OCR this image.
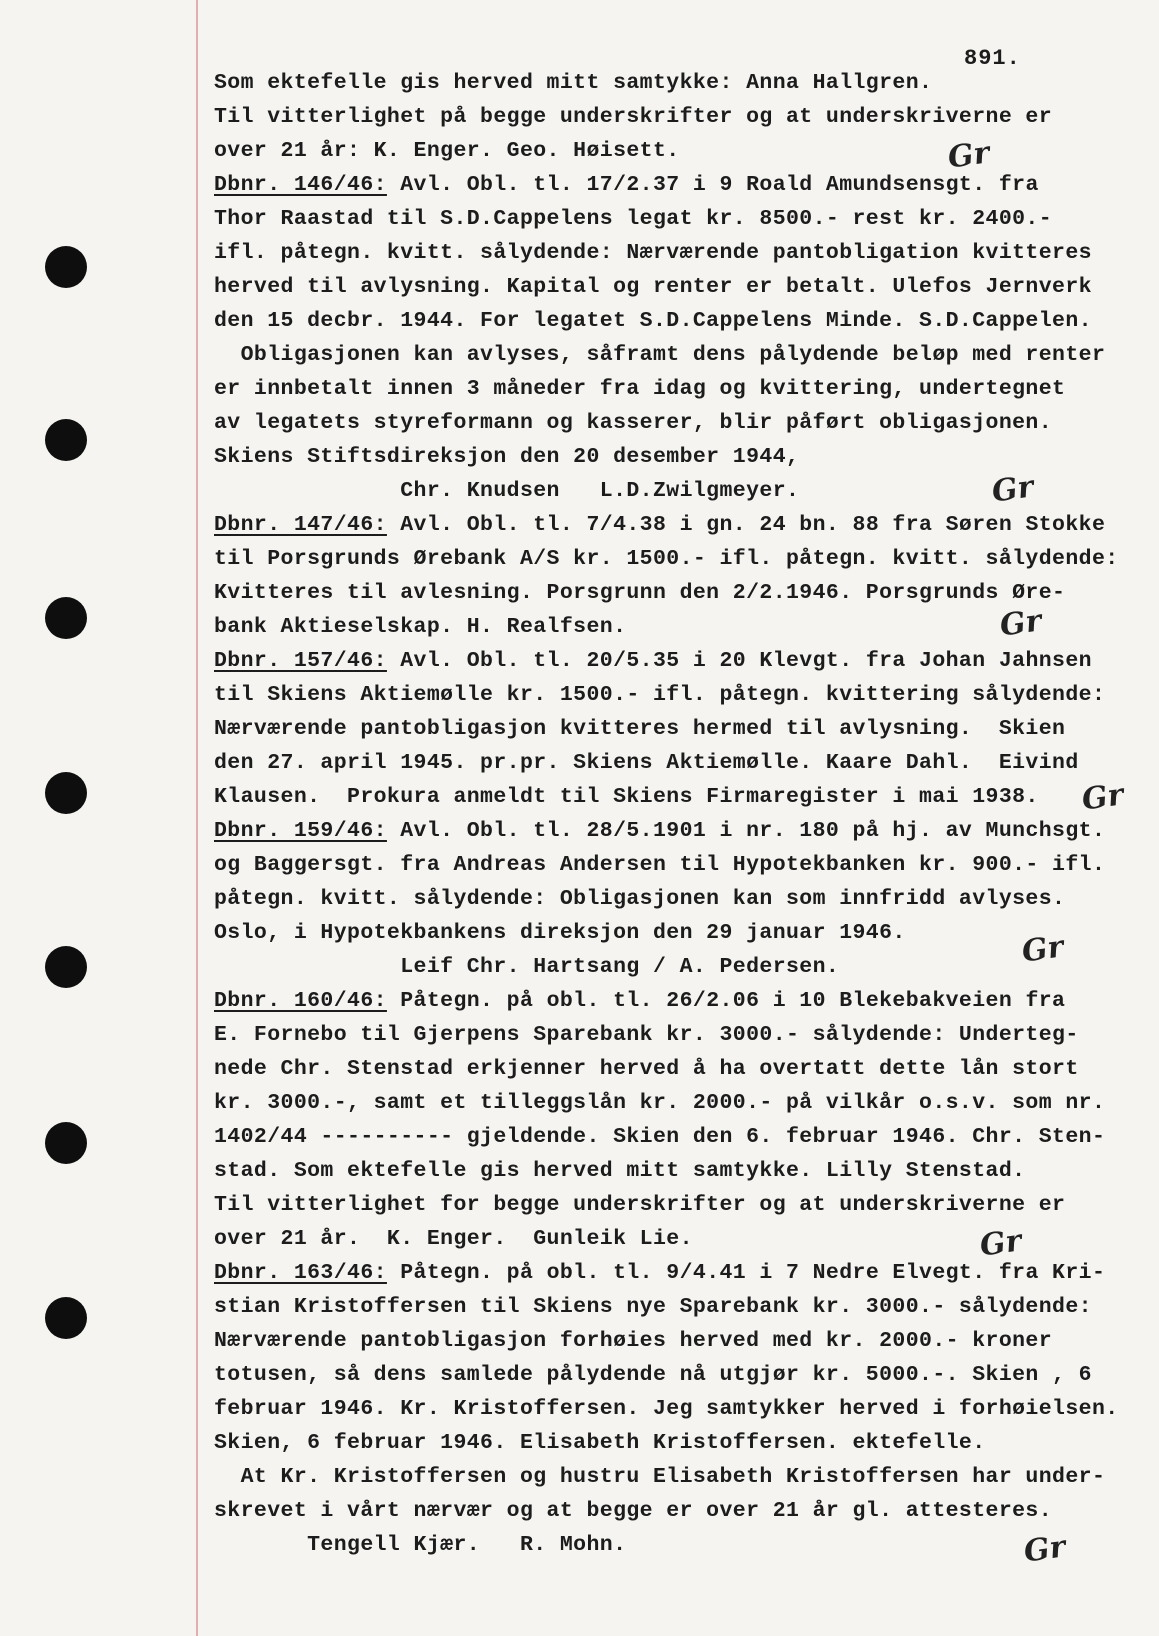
891.
Som ektefelle gis herved mitt samtykke: Anna Hallgren.
Til vitterlighet på begge underskrifter og at underskriverne er
over 21 år: K. Enger. Geo. Høisett.
Dbnr. 146/46: Avl. Obl. tl. 17/2.37 i 9 Roald Amundsensgt. fra
Thor Raastad til S.D.Cappelens legat kr. 8500.- rest kr. 2400.-
ifl. påtegn. kvitt. sålydende: Nærværende pantobligation kvitteres
herved til avlysning. Kapital og renter er betalt. Ulefos Jernverk
den 15 decbr. 1944. For legatet S.D.Cappelens Minde. S.D.Cappelen.
Obligasjonen kan avlyses, såframt dens pålydende beløp med renter
er innbetalt innen 3 måneder fra idag og kvittering, undertegnet
av legatets styreformann og kasserer, blir påført obligasjonen.
Skiens Stiftsdireksjon den 20 desember 1944,
Chr. Knudsen   L.D.Zwilgmeyer.
Dbnr. 147/46: Avl. Obl. tl. 7/4.38 i gn. 24 bn. 88 fra Søren Stokke
til Porsgrunds Ørebank A/S kr. 1500.- ifl. påtegn. kvitt. sålydende:
Kvitteres til avlesning. Porsgrunn den 2/2.1946. Porsgrunds Øre-
bank Aktieselskap. H. Realfsen.
Dbnr. 157/46: Avl. Obl. tl. 20/5.35 i 20 Klevgt. fra Johan Jahnsen
til Skiens Aktiemølle kr. 1500.- ifl. påtegn. kvittering sålydende:
Nærværende pantobligasjon kvitteres hermed til avlysning.  Skien
den 27. april 1945. pr.pr. Skiens Aktiemølle. Kaare Dahl.  Eivind
Klausen.  Prokura anmeldt til Skiens Firmaregister i mai 1938.
Dbnr. 159/46: Avl. Obl. tl. 28/5.1901 i nr. 180 på hj. av Munchsgt.
og Baggersgt. fra Andreas Andersen til Hypotekbanken kr. 900.- ifl.
påtegn. kvitt. sålydende: Obligasjonen kan som innfridd avlyses.
Oslo, i Hypotekbankens direksjon den 29 januar 1946.
Leif Chr. Hartsang / A. Pedersen.
Dbnr. 160/46: Påtegn. på obl. tl. 26/2.06 i 10 Blekebakveien fra
E. Fornebo til Gjerpens Sparebank kr. 3000.- sålydende: Underteg-
nede Chr. Stenstad erkjenner herved å ha overtatt dette lån stort
kr. 3000.-, samt et tilleggslån kr. 2000.- på vilkår o.s.v. som nr.
1402/44 ---------- gjeldende. Skien den 6. februar 1946. Chr. Sten-
stad. Som ektefelle gis herved mitt samtykke. Lilly Stenstad.
Til vitterlighet for begge underskrifter og at underskriverne er
over 21 år.  K. Enger.  Gunleik Lie.
Dbnr. 163/46: Påtegn. på obl. tl. 9/4.41 i 7 Nedre Elvegt. fra Kri-
stian Kristoffersen til Skiens nye Sparebank kr. 3000.- sålydende:
Nærværende pantobligasjon forhøies herved med kr. 2000.- kroner
totusen, så dens samlede pålydende nå utgjør kr. 5000.-. Skien , 6
februar 1946. Kr. Kristoffersen. Jeg samtykker herved i forhøielsen.
Skien, 6 februar 1946. Elisabeth Kristoffersen. ektefelle.
At Kr. Kristoffersen og hustru Elisabeth Kristoffersen har under-
skrevet i vårt nærvær og at begge er over 21 år gl. attesteres.
Tengell Kjær.   R. Mohn.
Gr
Gr
Gr
Gr
Gr
Gr
Gr
